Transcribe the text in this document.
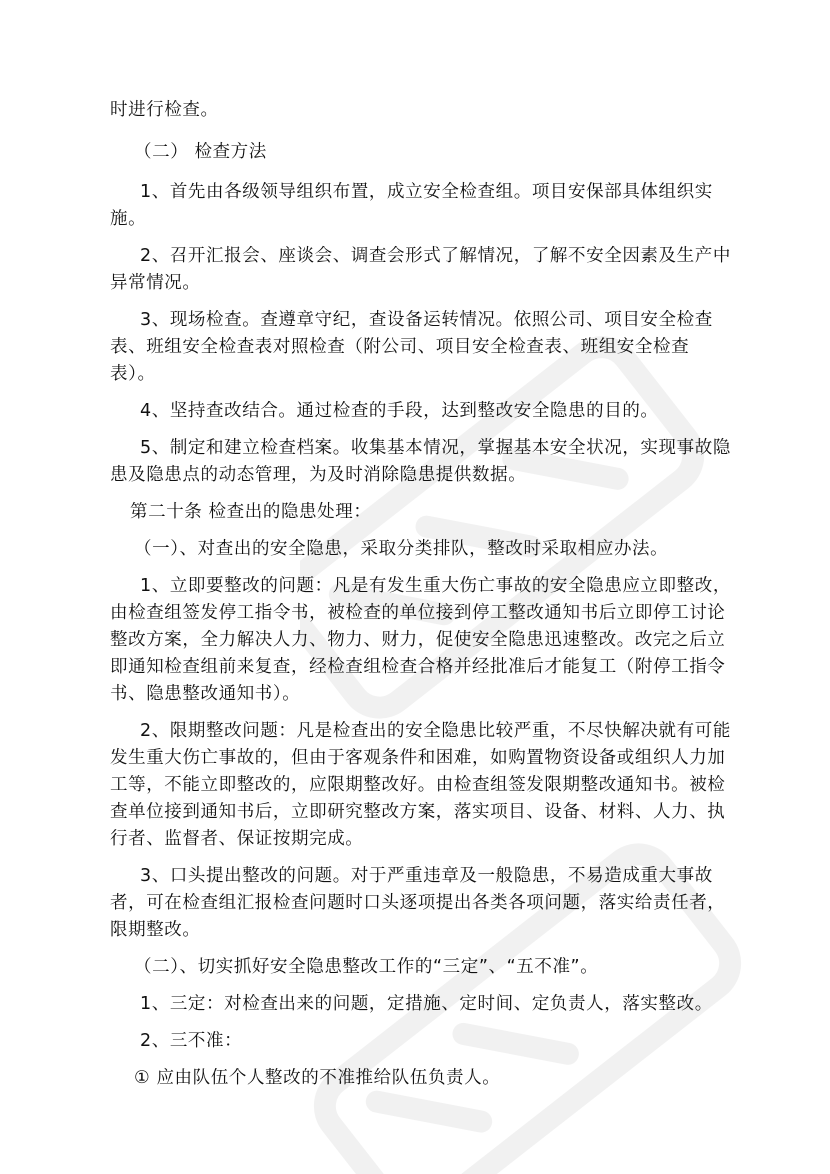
时进行检查。

（二） 检查方法

1、首先由各级领导组织布置，成立安全检查组。项目安保部具体组织实

施。

2、召开汇报会、座谈会、调查会形式了解情况，了解不安全因素及生产中

异常情况。

3、现场检查。查遵章守纪，查设备运转情况。依照公司、项目安全检查

表、班组安全检查表对照检查（附公司、项目安全检查表、班组安全检查

表）。

4、坚持查改结合。通过检查的手段，达到整改安全隐患的目的。

5、制定和建立检查档案。收集基本情况，掌握基本安全状况，实现事故隐

患及隐患点的动态管理，为及时消除隐患提供数据。

第二十条 检查出的隐患处理：

（一）、对查出的安全隐患，采取分类排队，整改时采取相应办法。

1、立即要整改的问题：凡是有发生重大伤亡事故的安全隐患应立即整改，

由检查组签发停工指令书，被检查的单位接到停工整改通知书后立即停工讨论

整改方案，全力解决人力、物力、财力，促使安全隐患迅速整改。改完之后立

即通知检查组前来复查，经检查组检查合格并经批准后才能复工（附停工指令

书、隐患整改通知书）。

2、限期整改问题：凡是检查出的安全隐患比较严重，不尽快解决就有可能

发生重大伤亡事故的，但由于客观条件和困难，如购置物资设备或组织人力加

工等，不能立即整改的，应限期整改好。由检查组签发限期整改通知书。被检

查单位接到通知书后，立即研究整改方案，落实项目、设备、材料、人力、执

行者、监督者、保证按期完成。

3、口头提出整改的问题。对于严重违章及一般隐患，不易造成重大事故

者，可在检查组汇报检查问题时口头逐项提出各类各项问题，落实给责任者，

限期整改。

（二）、切实抓好安全隐患整改工作的“三定”、“五不准”。

1、三定：对检查出来的问题，定措施、定时间、定负责人，落实整改。

2、三不准：

① 应由队伍个人整改的不准推给队伍负责人。
